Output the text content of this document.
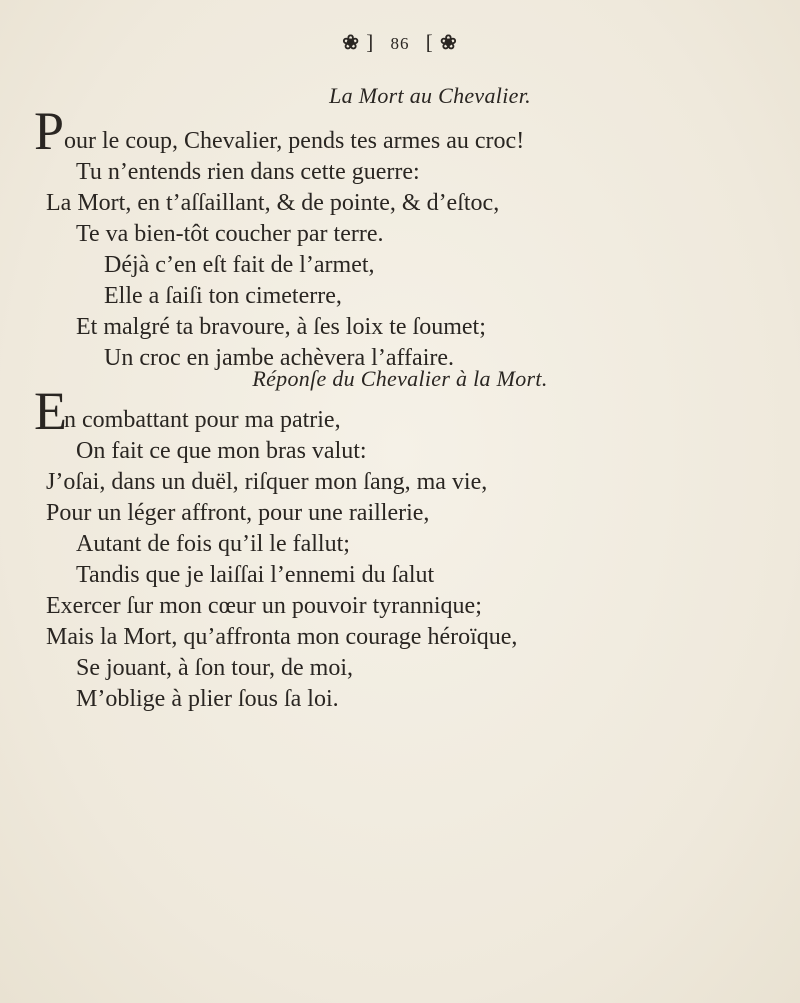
❀ ] 86 [ ❀
La Mort au Chevalier.
P our le coup, Chevalier, pends tes armes au croc!
Tu n’entends rien dans cette guerre:
La Mort, en t’aſſaillant, & de pointe, & d’eſtoc,
Te va bien-tôt coucher par terre.
Déjà c’en eſt fait de l’armet,
Elle a ſaiſi ton cimeterre,
Et malgré ta bravoure, à ſes loix te ſoumet;
Un croc en jambe achèvera l’affaire.
Réponſe du Chevalier à la Mort.
E
n combattant pour ma patrie,
On fait ce que mon bras valut:
J’oſai, dans un duël, riſquer mon ſang, ma vie,
Pour un léger affront, pour une raillerie,
Autant de fois qu’il le fallut;
Tandis que je laiſſai l’ennemi du ſalut
Exercer ſur mon cœur un pouvoir tyrannique;
Mais la Mort, qu’affronta mon courage héroïque,
Se jouant, à ſon tour, de moi,
M’oblige à plier ſous ſa loi.
